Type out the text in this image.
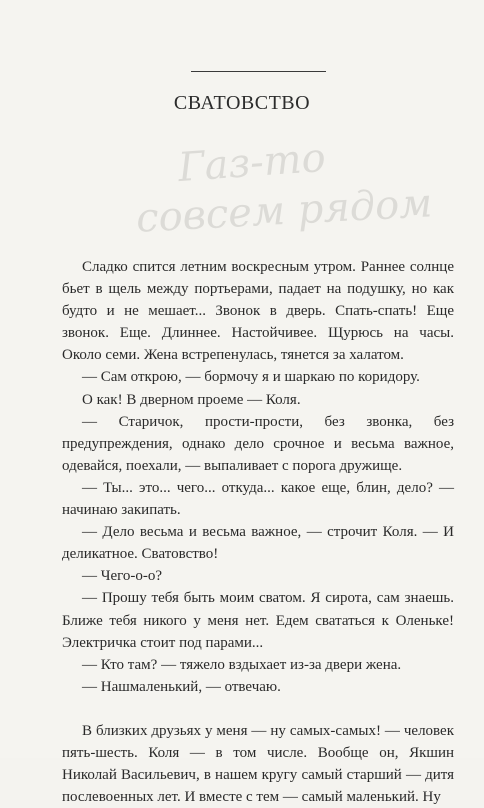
Газ-то
совсем рядом
СВАТОВСТВО

Сладко спится летним воскресным утром. Раннее солнце бьет в щель между портьерами, падает на подушку, но как будто и не мешает... Звонок в дверь. Спать-спать! Еще звонок. Еще. Длиннее. Настойчивее. Щурюсь на часы. Около семи. Жена встрепенулась, тянется за халатом.

— Сам открою, — бормочу я и шаркаю по коридору.

О как! В дверном проеме — Коля.

— Старичок, прости-прости, без звонка, без предупреждения, однако дело срочное и весьма важное, одевайся, поехали, — выпаливает с порога дружище.

— Ты... это... чего... откуда... какое еще, блин, дело? — начинаю закипать.

— Дело весьма и весьма важное, — строчит Коля. — И деликатное. Сватовство!

— Чего-о-о?

— Прошу тебя быть моим сватом. Я сирота, сам знаешь. Ближе тебя никого у меня нет. Едем свататься к Оленьке! Электричка стоит под парами...

— Кто там? — тяжело вздыхает из-за двери жена.

— Нашмаленький, — отвечаю.

В близких друзьях у меня — ну самых-самых! — человек пять-шесть. Коля — в том числе. Вообще он, Якшин Николай Васильевич, в нашем кругу самый старший — дитя послевоенных лет. И вместе с тем — самый маленький. Ну
